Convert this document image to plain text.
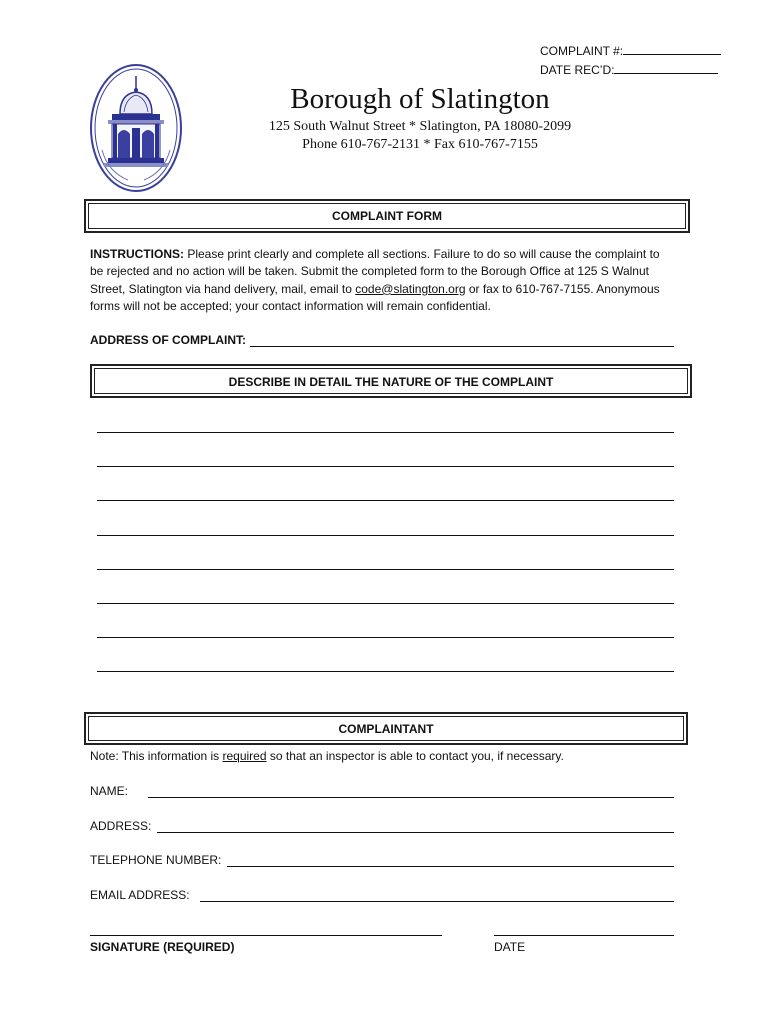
COMPLAINT #:
DATE REC’D:
Borough of Slatington
125 South Walnut Street * Slatington, PA 18080-2099
Phone 610-767-2131 * Fax 610-767-7155
COMPLAINT FORM
INSTRUCTIONS: Please print clearly and complete all sections. Failure to do so will cause the complaint to be rejected and no action will be taken. Submit the completed form to the Borough Office at 125 S Walnut Street, Slatington via hand delivery, mail, email to code@slatington.org or fax to 610-767-7155. Anonymous forms will not be accepted; your contact information will remain confidential.
ADDRESS OF COMPLAINT:
DESCRIBE IN DETAIL THE NATURE OF THE COMPLAINT
COMPLAINTANT
Note: This information is required so that an inspector is able to contact you, if necessary.
NAME:
ADDRESS:
TELEPHONE NUMBER:
EMAIL ADDRESS:
SIGNATURE (REQUIRED)	DATE
